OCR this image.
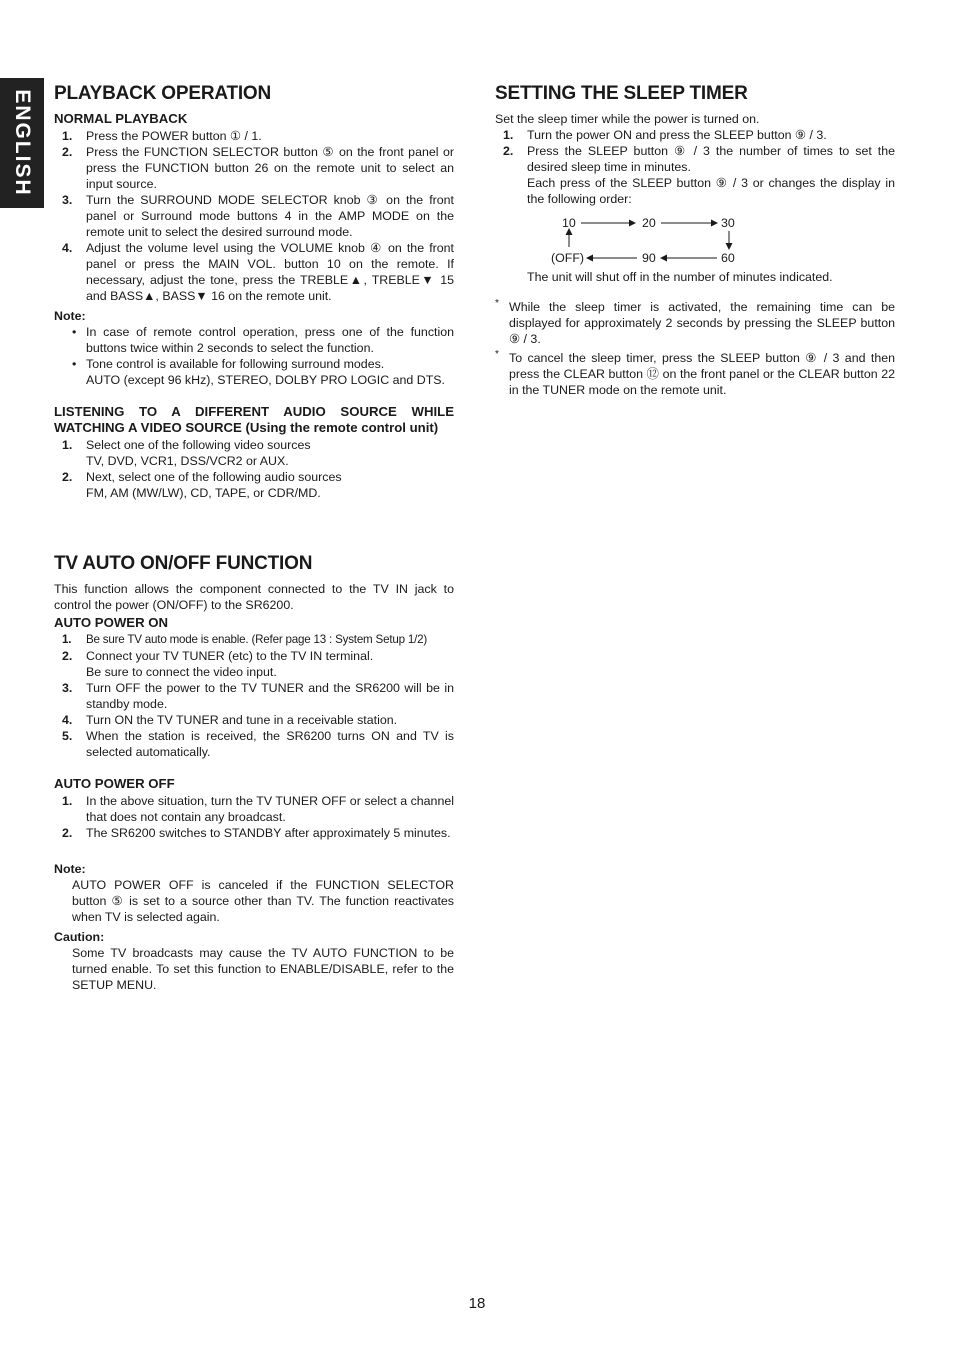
ENGLISH PLAYBACK OPERATION
NORMAL PLAYBACK
1. Press the POWER button ① / 1.
2. Press the FUNCTION SELECTOR button ⑤ on the front panel or press the FUNCTION button 26 on the remote unit to select an input source.
3. Turn the SURROUND MODE SELECTOR knob ③ on the front panel or Surround mode buttons 4 in the AMP MODE on the remote unit to select the desired surround mode.
4. Adjust the volume level using the VOLUME knob ④ on the front panel or press the MAIN VOL. button 10 on the remote. If necessary, adjust the tone, press the TREBLE▲, TREBLE▼ 15 and BASS▲, BASS▼ 16 on the remote unit.
Note:
• In case of remote control operation, press one of the function buttons twice within 2 seconds to select the function.
• Tone control is available for following surround modes.
AUTO (except 96 kHz), STEREO, DOLBY PRO LOGIC and DTS.
LISTENING TO A DIFFERENT AUDIO SOURCE WHILE WATCHING A VIDEO SOURCE (Using the remote control unit)
1. Select one of the following video sources
TV, DVD, VCR1, DSS/VCR2 or AUX.
2. Next, select one of the following audio sources
FM, AM (MW/LW), CD, TAPE, or CDR/MD.
TV AUTO ON/OFF FUNCTION

This function allows the component connected to the TV IN jack to control the power (ON/OFF) to the SR6200.

AUTO POWER ON
1. Be sure TV auto mode is enable. (Refer page 13 : System Setup 1/2)
2. Connect your TV TUNER (etc) to the TV IN terminal.
Be sure to connect the video input.
3. Turn OFF the power to the TV TUNER and the SR6200 will be in standby mode.
4. Turn ON the TV TUNER and tune in a receivable station.
5. When the station is received, the SR6200 turns ON and TV is selected automatically.
AUTO POWER OFF
1. In the above situation, turn the TV TUNER OFF or select a channel that does not contain any broadcast.
2. The SR6200 switches to STANDBY after approximately 5 minutes.
Note:

AUTO POWER OFF is canceled if the FUNCTION SELECTOR button ⑤ is set to a source other than TV. The function reactivates when TV is selected again.

Caution:

Some TV broadcasts may cause the TV AUTO FUNCTION to be turned enable. To set this function to ENABLE/DISABLE, refer to the SETUP MENU.

SETTING THE SLEEP TIMER

Set the sleep timer while the power is turned on.

1. Turn the power ON and press the SLEEP button ⑨ / 3.
2. Press the SLEEP button ⑨ / 3 the number of times to set the desired sleep time in minutes.
Each press of the SLEEP button ⑨ / 3 or changes the display in the following order:
10	20	30
(OFF)	90	60
The unit will shut off in the number of minutes indicated.
* While the sleep timer is activated, the remaining time can be displayed for approximately 2 seconds by pressing the SLEEP button ⑨ / 3.
* To cancel the sleep timer, press the SLEEP button ⑨ / 3 and then press the CLEAR button ⑫ on the front panel or the CLEAR button 22 in the TUNER mode on the remote unit.
18
